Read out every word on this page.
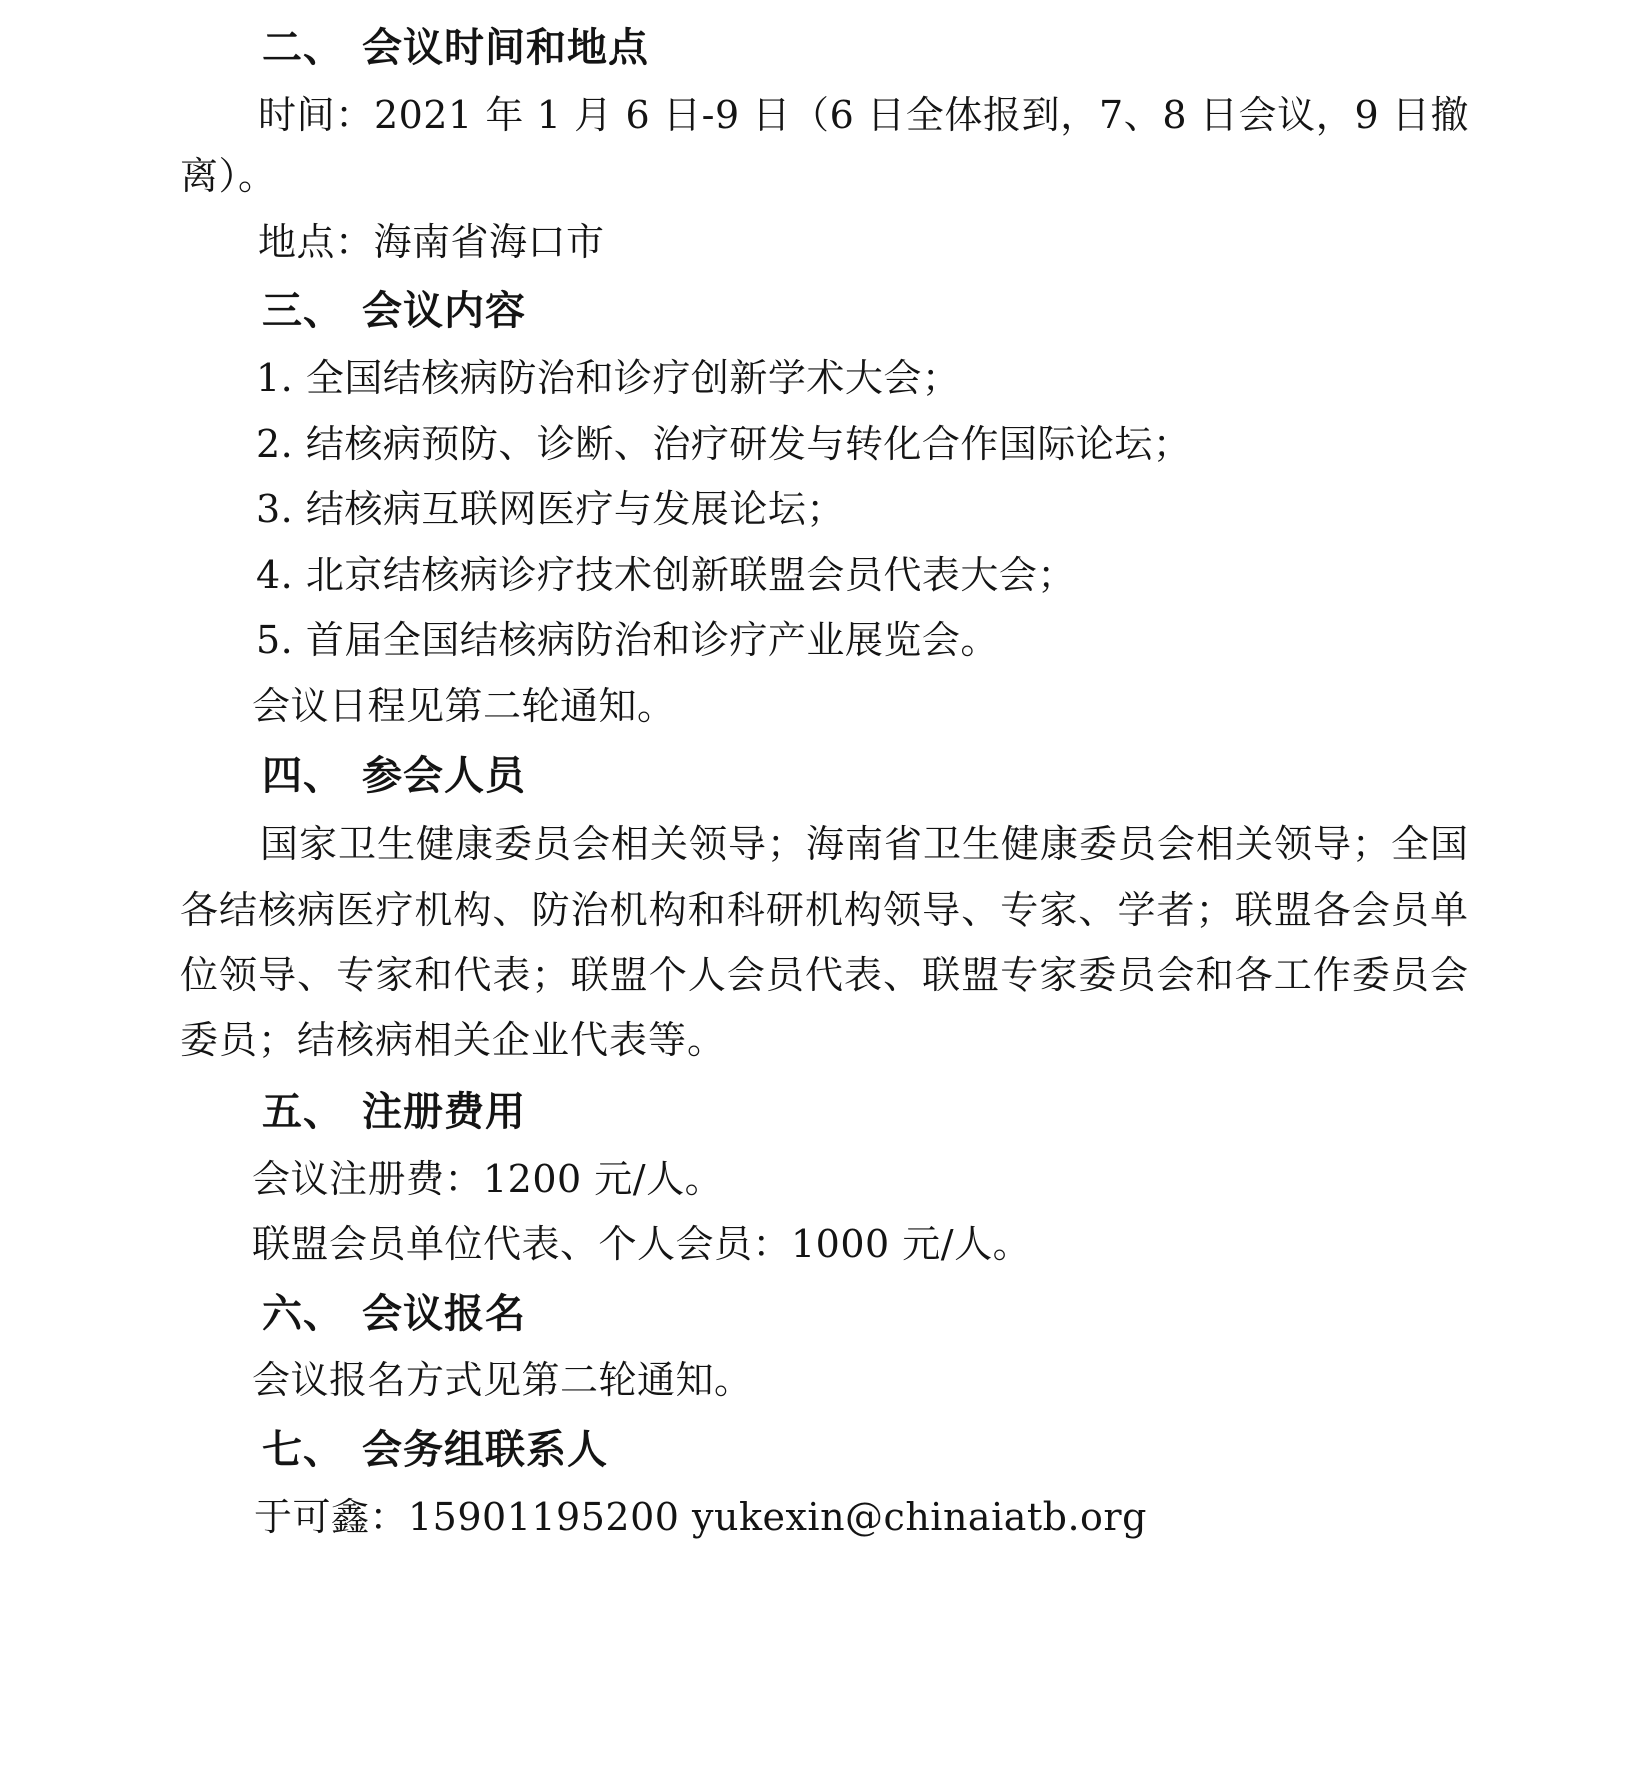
二、 会议时间和地点
时间：2021 年 1 月 6 日-9 日（6 日全体报到，7、8 日会议，9 日撤离）。
地点：海南省海口市
三、 会议内容
1. 全国结核病防治和诊疗创新学术大会；
2. 结核病预防、诊断、治疗研发与转化合作国际论坛；
3. 结核病互联网医疗与发展论坛；
4. 北京结核病诊疗技术创新联盟会员代表大会；
5. 首届全国结核病防治和诊疗产业展览会。
会议日程见第二轮通知。
四、 参会人员
国家卫生健康委员会相关领导；海南省卫生健康委员会相关领导；全国各结核病医疗机构、防治机构和科研机构领导、专家、学者；联盟各会员单位领导、专家和代表；联盟个人会员代表、联盟专家委员会和各工作委员会委员；结核病相关企业代表等。
五、 注册费用
会议注册费：1200 元/人。
联盟会员单位代表、个人会员：1000 元/人。
六、 会议报名
会议报名方式见第二轮通知。
七、 会务组联系人
于可鑫：15901195200 yukexin@chinaiatb.org
